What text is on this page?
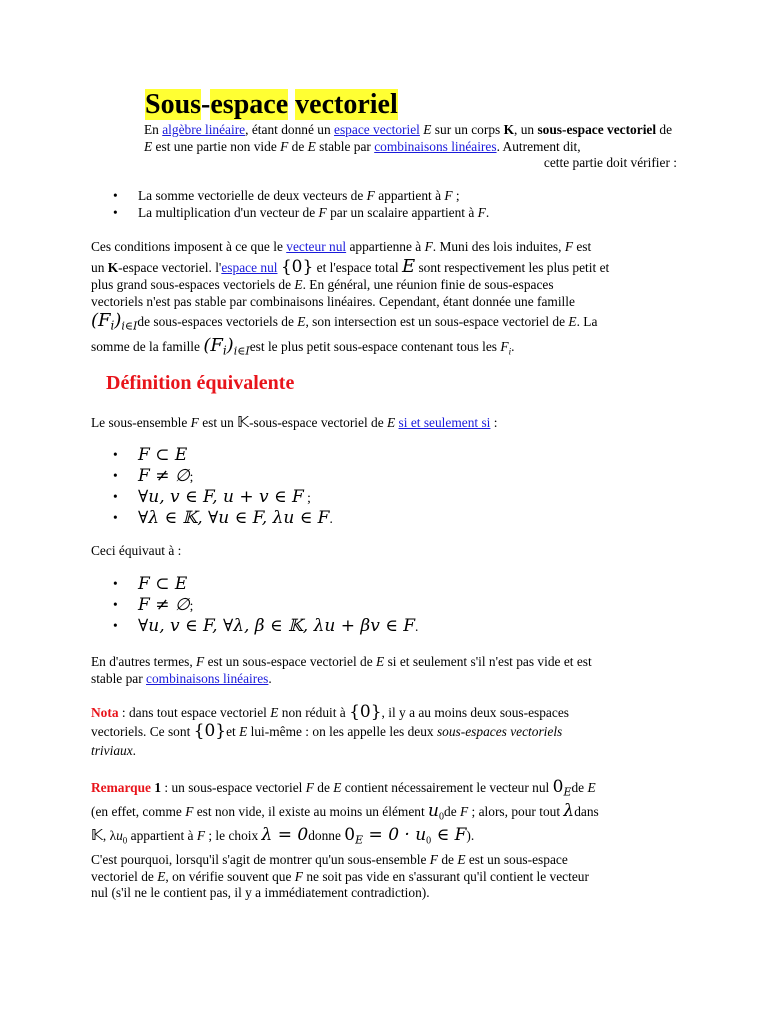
Sous-espace vectoriel
En algèbre linéaire, étant donné un espace vectoriel E sur un corps K, un sous-espace vectoriel de E est une partie non vide F de E stable par combinaisons linéaires. Autrement dit,
cette partie doit vérifier :
• La somme vectorielle de deux vecteurs de F appartient à F ;
• La multiplication d'un vecteur de F par un scalaire appartient à F.
Ces conditions imposent à ce que le vecteur nul appartienne à F. Muni des lois induites, F est
un K-espace vectoriel. l'espace nul {0} et l'espace total E sont respectivement les plus petit et
plus grand sous-espaces vectoriels de E. En général, une réunion finie de sous-espaces
vectoriels n'est pas stable par combinaisons linéaires. Cependant, étant donnée une famille
$(F_i)_{i\in I}de$ sous-espaces vectoriels de E, son intersection est un sous-espace vectoriel de E. La
somme de la famille $(F_i)_{i\in I}est$ le plus petit sous-espace contenant tous les $F_i$.
Définition équivalente
Le sous-ensemble F est un 𝕂-sous-espace vectoriel de E si et seulement si :
• F ⊂ E
• F ≠ ∅;
• ∀u, v ∈ F, u + v ∈ F ;
• ∀λ ∈ 𝕂, ∀u ∈ F, λu ∈ F.
Ceci équivaut à :
• F ⊂ E
• F ≠ ∅;
• ∀u, v ∈ F, ∀λ, β ∈ 𝕂, λu + βv ∈ F.
En d'autres termes, F est un sous-espace vectoriel de E si et seulement s'il n'est pas vide et est
stable par combinaisons linéaires.
Nota : dans tout espace vectoriel E non réduit à {0}, il y a au moins deux sous-espaces
vectoriels. Ce sont {0}et E lui-même : on les appelle les deux sous-espaces vectoriels
triviaux.
Remarque 1 : un sous-espace vectoriel F de E contient nécessairement le vecteur nul $0_Ede$ E
(en effet, comme F est non vide, il existe au moins un élément $u_0de$ F ; alors, pour tout λdans
𝕂, $\lambda u_0$ appartient à F ; le choix λ = 0donne $0_E = 0 \cdot u_0$ ∈ F).
C'est pourquoi, lorsqu'il s'agit de montrer qu'un sous-ensemble F de E est un sous-espace
vectoriel de E, on vérifie souvent que F ne soit pas vide en s'assurant qu'il contient le vecteur
nul (s'il ne le contient pas, il y a immédiatement contradiction).
